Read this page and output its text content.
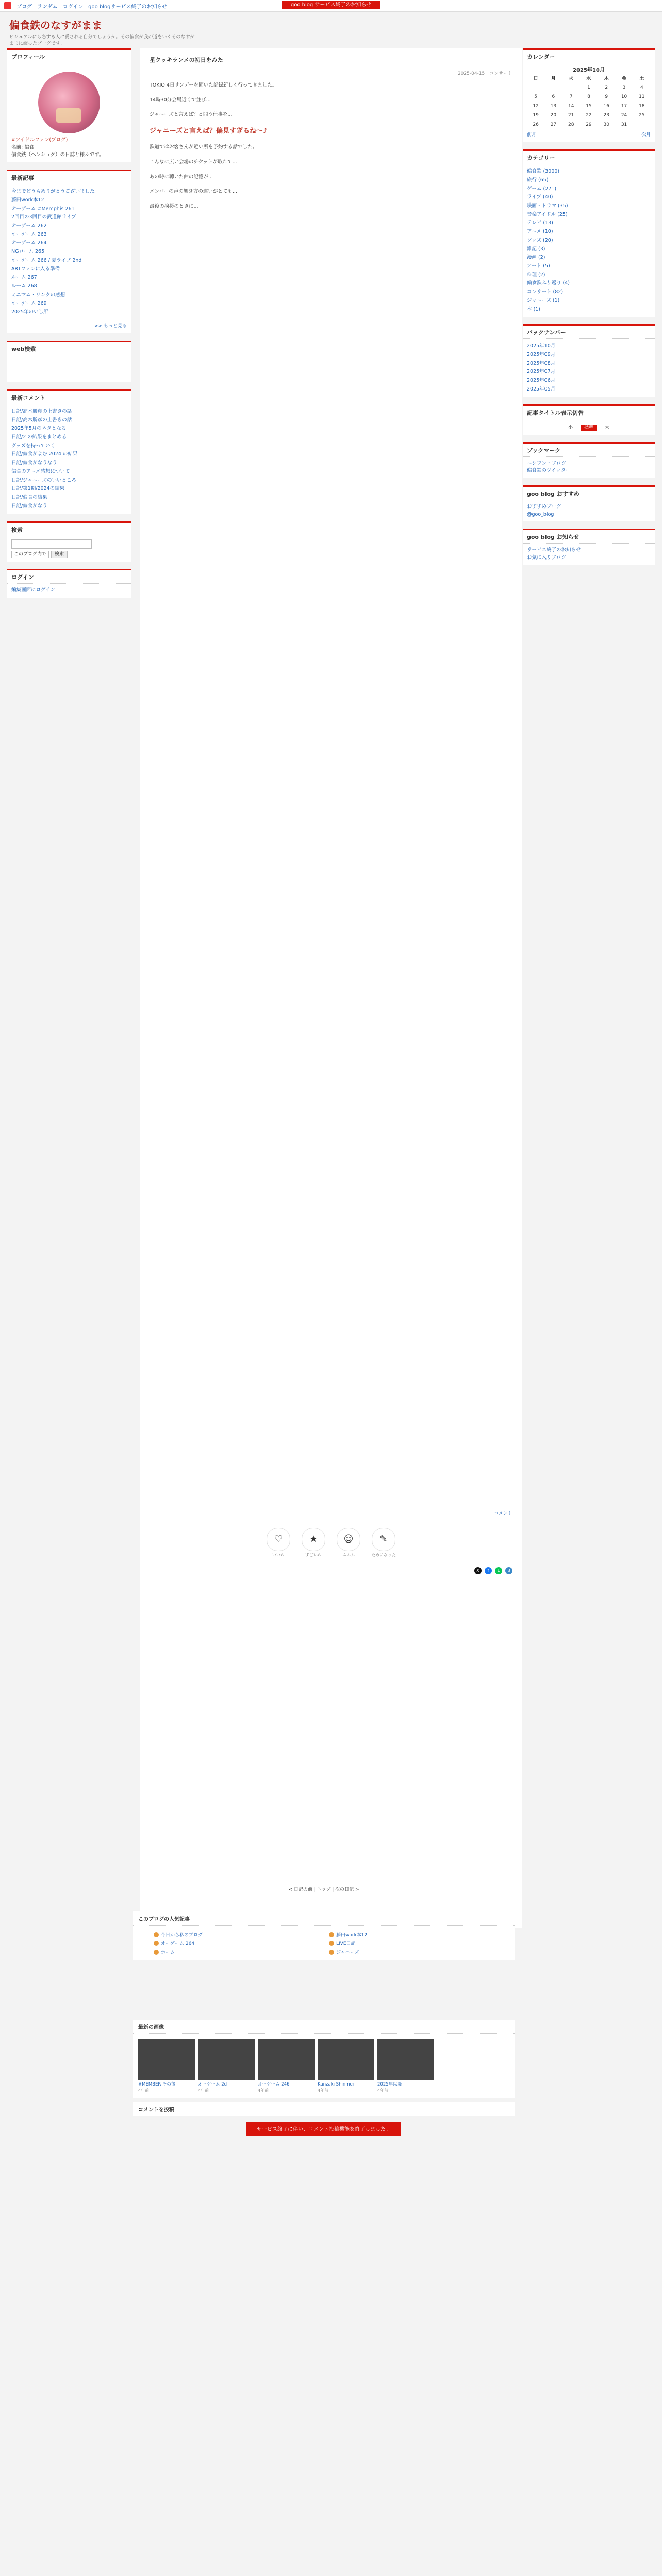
ブログ ランダム ログイン goo blogサービス終了のお知らせ	goo blog サービス終了のお知らせ
偏食鉄のなすがまま
ビジュアルにも恋する人に愛される自分でしょうか。その偏食が我が道をいくそのなすがままに綴ったブログです。
プロフィール
#アイドルファン(ブログ)
名前: 偏食
偏食鉄（ヘンショク）の日誌と様々です。
最新記事
今までどうもありがとうございました。
藤田work本12
オーゲーム #Memphis 261
2回目の3回目の武道館ライブ
オーゲーム 262
オーゲーム 263
オーゲーム 264
NGローム 265
オーゲーム 266 / 夏ライブ 2nd
ARTファンに入る準備
ルーム 267
ルーム 268
ミニマム・リンクの感想
オーゲーム 269
2025年のいし所
>> もっと見る
web検索
最新コメント
日記/高木勝彦の上書きの話
日記/高木勝彦の上書きの話
2025年5月のネタとなる
日記/2 の結果をまとめる
グッズを持っていく
日記/偏食がよむ 2024 の結果
日記/偏食がなうなう
偏食のアニメ感想について
日記/ジャニーズのいいところ
日記/第1期/2024の結果
日記/偏食の結果
日記/偏食がなう
検索
このブログ内で	検索
ログイン
編集画面にログイン
星クッキランメの初日をみた
2025-04-15 | コンサート

TOKIO 4日サンデーを聞いた記録新しく行ってきました。

14時30分会場近くで並び...

ジャニーズと言えば？と問う仕事を...

ジャニーズと言えば？偏見すぎるね〜♪

鉄道ではお客さんが近い所を予約する話でした。

こんなに広い会場のチケットが取れて...

あの時に聴いた曲の記憶が...

メンバーの声の響き方の違いがとても...

最後の挨拶のときに...

コメント
♡
いいね
★
すごいね
☺
ふふふ
✎
ためになった
X	f	L	B
カレンダー
2025年10月
日	月	火	水	木	金	土
			1	2	3	4
5	6	7	8	9	10	11
12	13	14	15	16	17	18
19	20	21	22	23	24	25
26	27	28	29	30	31	
前月	次月
カテゴリー
偏食鉄 (3000)
旅行 (65)
ゲーム (271)
ライブ (40)
映画・ドラマ (35)
音楽アイドル (25)
テレビ (13)
アニメ (10)
グッズ (20)
雑記 (3)
漫画 (2)
アート (5)
料理 (2)
偏食鉄ふり返り (4)
コンサート (82)
ジャニーズ (1)
本 (1)
バックナンバー
2025年10月
2025年09月
2025年08月
2025年07月
2025年06月
2025年05月
記事タイトル表示切替
小	標準	大
ブックマーク
ニシワン・ブログ
偏食鉄のツイッター
goo blog おすすめ
おすすめブログ
@goo_blog
goo blog お知らせ
サービス終了のお知らせ
お気に入りブログ
< 日記の前 | トップ | 次の日記 >
このブログの人気記事
今日から私のブログ	藤田work本12
オーゲーム 264	LIVE日記
ホーム	ジャニーズ
最新の画像
#MEMBER その後
4年前
オーゲーム 2d
4年前
オーゲーム 246
4年前
Kanzaki Shinmei
4年前
2025年以降
4年前
コメントを投稿
サービス終了に伴い、コメント投稿機能を終了しました。
